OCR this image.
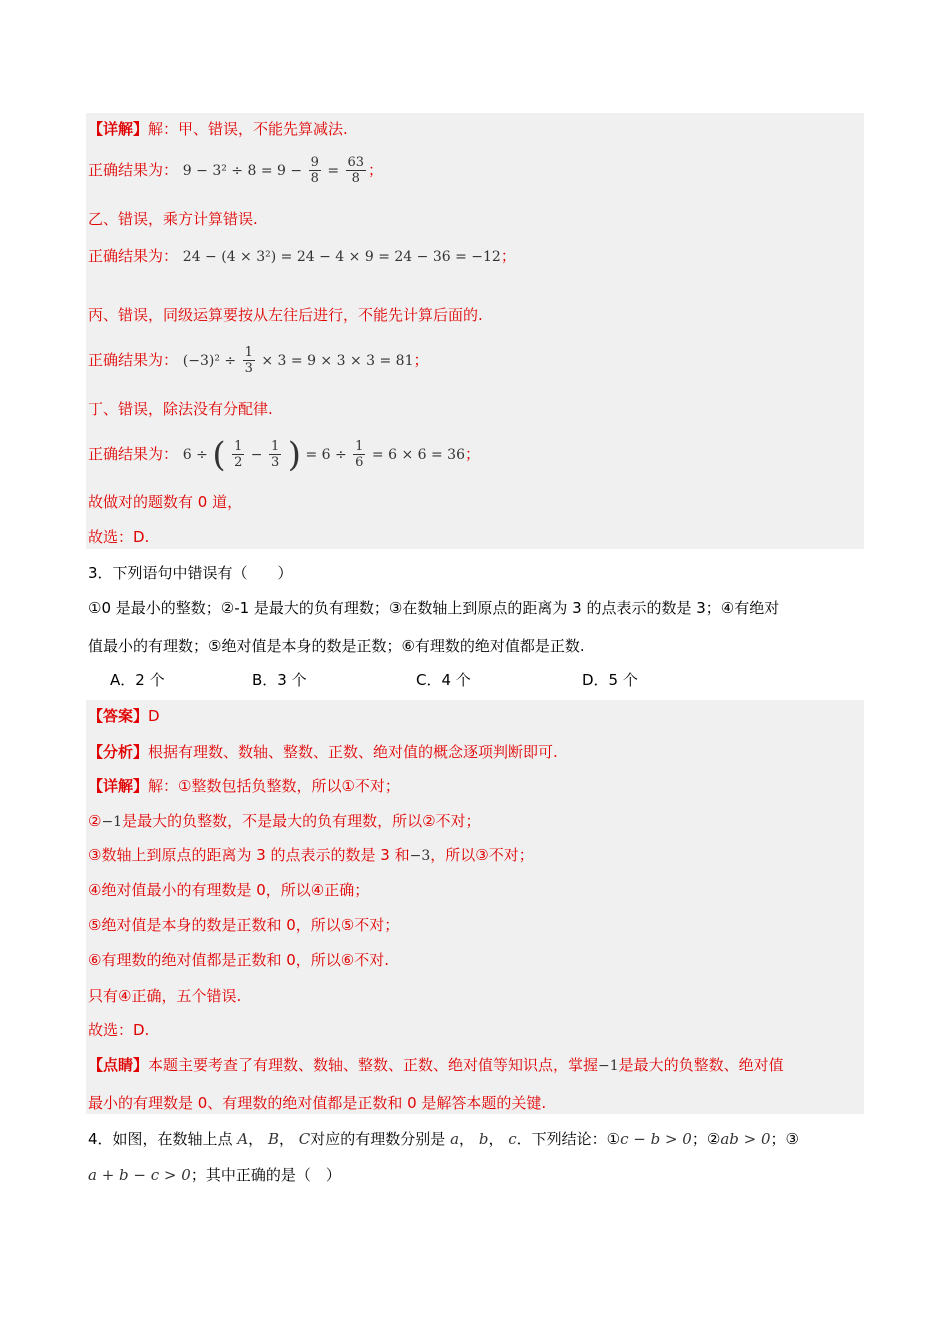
【详解】解：甲、错误，不能先算减法.
正确结果为： $9 - 3^2 \div 8 = 9 - \frac{9}{8} = \frac{63}{8}$ ；
乙、错误，乘方计算错误.
正确结果为： 24 − (4 × 3²) = 24 − 4 × 9 = 24 − 36 = −12；
丙、错误，同级运算要按从左往后进行，不能先计算后面的.
正确结果为： $(-3)^2 \div \frac{1}{3} \times 3 = 9 \times 3 \times 3 = 81$；
丁、错误，除法没有分配律.
正确结果为： 6 ÷ ( $\frac{1}{2} - \frac{1}{3}$ ) = $6 \div \frac{1}{6} = 6 \times 6 = 36$；
故做对的题数有 0 道，
故选：D.
3．下列语句中错误有（　　）
①0 是最小的整数；②-1 是最大的负有理数；③在数轴上到原点的距离为 3 的点表示的数是 3；④有绝对
值最小的有理数；⑤绝对值是本身的数是正数；⑥有理数的绝对值都是正数.
A．2 个	B．3 个	C．4 个	D．5 个
【答案】D
【分析】根据有理数、数轴、整数、正数、绝对值的概念逐项判断即可.
【详解】解：①整数包括负整数，所以①不对；
②−1是最大的负整数，不是最大的负有理数，所以②不对；
③数轴上到原点的距离为 3 的点表示的数是 3 和−3，所以③不对；
④绝对值最小的有理数是 0，所以④正确；
⑤绝对值是本身的数是正数和 0，所以⑤不对；
⑥有理数的绝对值都是正数和 0，所以⑥不对.
只有④正确，五个错误.
故选：D.
【点睛】本题主要考查了有理数、数轴、整数、正数、绝对值等知识点，掌握−1是最大的负整数、绝对值
最小的有理数是 0、有理数的绝对值都是正数和 0 是解答本题的关键.
4．如图，在数轴上点 A， B， C对应的有理数分别是 a， b， c．下列结论：①c − b > 0；②ab > 0；③
a + b − c > 0；其中正确的是（　）
